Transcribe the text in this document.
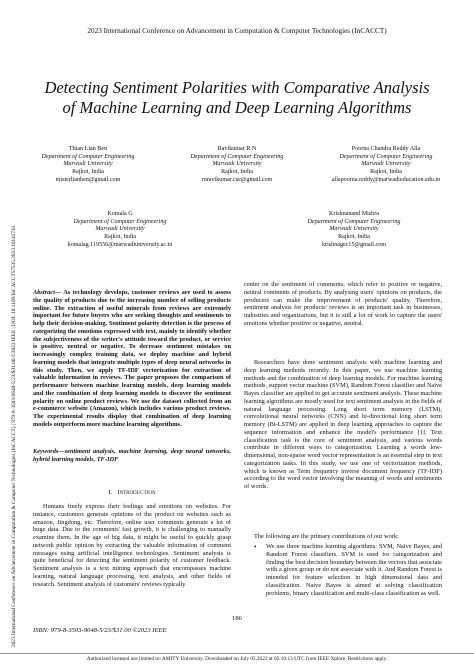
2023 International Conference on Advancement in Computation & Computer Technologies (InCACCT)
2023 International Conference on Advancement in Computation & Computer Technologies (InCACCT) | 979-8-3503-9648-5/23/$31.00 ©2023 IEEE | DOI: 10.1109/InCACCT57535.2023.10141741
Detecting Sentiment Polarities with Comparative Analysis of Machine Learning and Deep Learning Algorithms
Thian Lian Ben
Department of Computer Engineering
Marwadi University
Rajkot, India
misterlianben@gmail.com
Ravikumar R N
Department of Computer Engineering
Marwadi University
Rajkot, India
rnravikumar.cse@gmail.com
Poorna Chandra Reddy Alla
Department of Computer Engineering
Marwadi University
Rajkot, India
allapoorna.reddy@marwadieducation.edu.in
Komala G
Department of Computer Engineering
Marwadi University
Rajkot, India
komalag.119556@marwadiuniversity.ac.in
Krishnanand Mishra
Department of Computer Engineering
Marwadi University
Rajkot, India
krishnagec15@gmail.com
Abstract— As technology develops, customer reviews are used to assess the quality of products due to the increasing number of selling products online. The extraction of useful minerals from reviews are extremely important for future buyers who are seeking thoughts and sentiments to help their decision-making. Sentiment polarity detection is the process of categorizing the emotions expressed with text, mainly to identify whether the subjectiveness of the writer's attitude toward the product, or service is positive, neutral or negative. To decrease sentiment mistakes on increasingly complex training data, we deploy machine and hybrid learning models that integrate multiple types of deep neural networks in this study. Then, we apply TF-IDF vectorization for extraction of valuable information in reviews. The paper proposes the comparison of performance between machine learning models, deep learning models and the combination of deep learning models to discover the sentiment polarity on online product reviews. We use the dataset collected from an e-commerce website (Amazon), which includes various product reviews. The experimental results display that combination of deep learning models outperform more machine learning algorithms.
Keywords—sentiment analysis, machine learning, deep neural networks, hybrid learning models, TF-IDF
I. Introduction
Humans freely express their feelings and emotions on websites. For instance, customers generate opinions of the product on websites such as amazon, Jingdong, etc. Therefore, online user comments generate a lot of huge data. Due to the comments' fast growth, it is challenging to manually examine them. In the age of big data, it might be useful to quickly grasp network public opinion by extracting the valuable information of comment messages using artificial intelligence technologies. Sentiment analysis is quite beneficial for detecting the sentiment polarity of customer feedback. Sentiment analysis is a text mining approach that encompasses machine learning, natural language processing, text analysis, and other fields of research. Sentiment analysis of customers' reviews typically
center on the sentiment of comments, which refer to positive or negative, neutral comments of products. By analysing users' opinions on products, the producers can make the improvement of products' quality. Therefore, sentiment analysis for products' reviews is an important task in businesses, industries and organizations, but it is still a lot of work to capture the users' emotions whether positive or negative, neutral.
Researchers have done sentiment analysis with machine learning and deep learning methods recently. In this paper, we use machine learning methods and the combination of deep learning models. For machine learning methods, support vector machine (SVM), Random Forest classifier and Naive Bayes classifier are applied to get accurate sentiment analysis. These machine learning algorithms are mostly used for text sentiment analysis in the fields of natural language processing. Long short term memory (LSTM), convolutional neural networks (CNN) and bi-directional long short term memory (Bi-LSTM) are applied in deep learning approaches to capture the sequence information and enhance the model's performance [1]. Text classification task is the core of sentiment analysis, and various words contribute in different ways to categorization. Learning a words low-dimensional, non-sparse word vector representation is an essential step in text categorization tasks. In this study, we use one of vectorization methods, which is known as Term frequency inverse document frequency (TF-IDF) according to the word vector involving the meaning of words and sentiments of words.
The following are the primary contributions of our work:
•	We use three machine learning algorithms: SVM, Naive Bayes, and Random Forest classifiers. SVM is used for categorization and finding the best decision boundary between the vectors that associate with a given group or do not associate with it. And Random Forest is intended for feature selection in high dimensional data and classification. Naive Bayes is aimed at solving classification problems, binary classification and multi-class classification as well.
186
ISBN: 979-8-3503-9648-5/23/$31.00 ©2023 IEEE
Authorized licensed use limited to: AMITY University. Downloaded on July 05,2023 at 05:10:13 UTC from IEEE Xplore. Restrictions apply.
